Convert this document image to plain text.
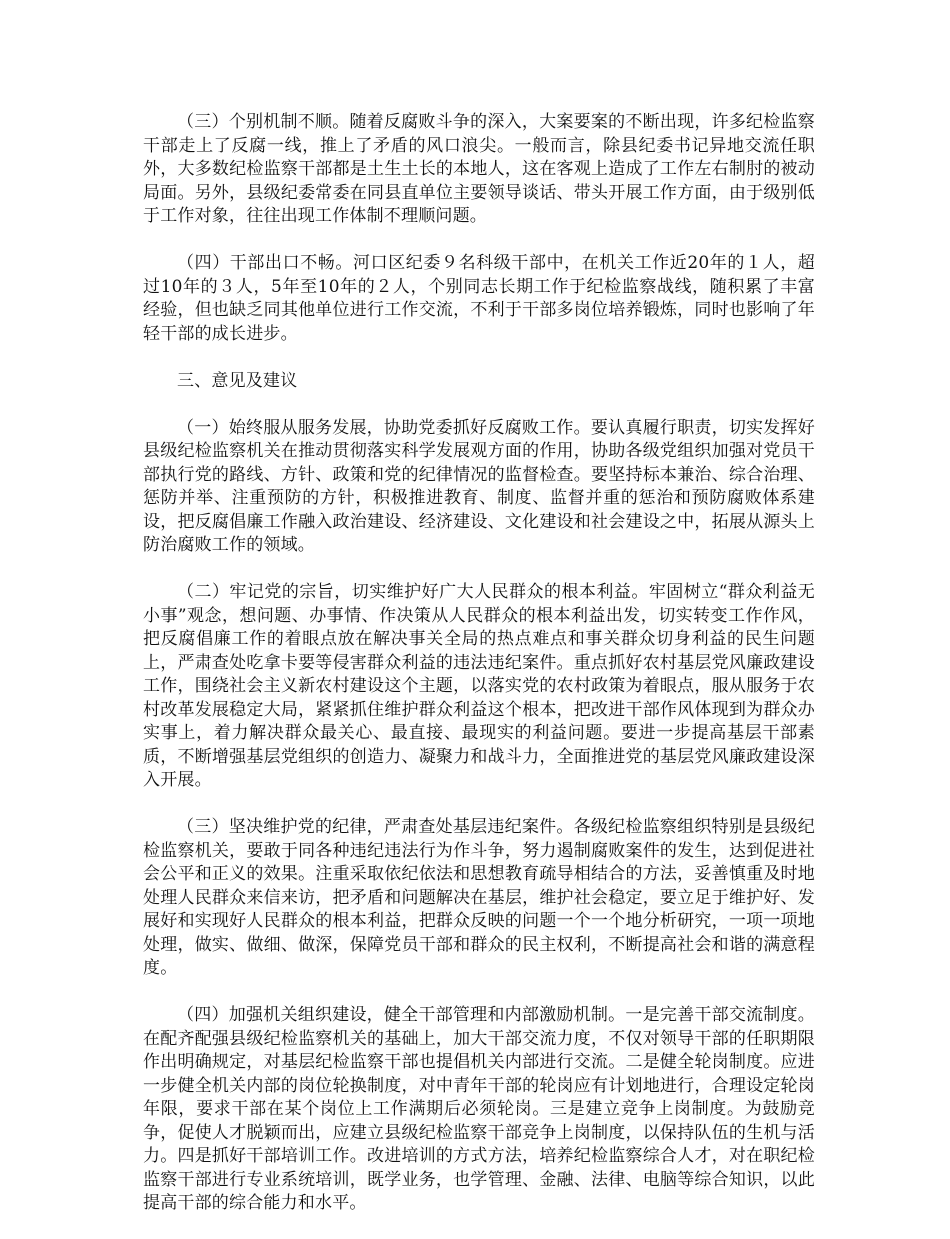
（三）个别机制不顺。随着反腐败斗争的深入，大案要案的不断出现，许多纪检监察干部走上了反腐一线，推上了矛盾的风口浪尖。一般而言，除县纪委书记异地交流任职外，大多数纪检监察干部都是土生土长的本地人，这在客观上造成了工作左右制肘的被动局面。另外，县级纪委常委在同县直单位主要领导谈话、带头开展工作方面，由于级别低于工作对象，往往出现工作体制不理顺问题。

（四）干部出口不畅。河口区纪委９名科级干部中，在机关工作近20年的１人，超过10年的３人，5年至10年的２人，个别同志长期工作于纪检监察战线，随积累了丰富经验，但也缺乏同其他单位进行工作交流，不利于干部多岗位培养锻炼，同时也影响了年轻干部的成长进步。

三、意见及建议

（一）始终服从服务发展，协助党委抓好反腐败工作。要认真履行职责，切实发挥好县级纪检监察机关在推动贯彻落实科学发展观方面的作用，协助各级党组织加强对党员干部执行党的路线、方针、政策和党的纪律情况的监督检查。要坚持标本兼治、综合治理、惩防并举、注重预防的方针，积极推进教育、制度、监督并重的惩治和预防腐败体系建设，把反腐倡廉工作融入政治建设、经济建设、文化建设和社会建设之中，拓展从源头上防治腐败工作的领域。

（二）牢记党的宗旨，切实维护好广大人民群众的根本利益。牢固树立“群众利益无小事”观念，想问题、办事情、作决策从人民群众的根本利益出发，切实转变工作作风，把反腐倡廉工作的着眼点放在解决事关全局的热点难点和事关群众切身利益的民生问题上，严肃查处吃拿卡要等侵害群众利益的违法违纪案件。重点抓好农村基层党风廉政建设工作，围绕社会主义新农村建设这个主题，以落实党的农村政策为着眼点，服从服务于农村改革发展稳定大局，紧紧抓住维护群众利益这个根本，把改进干部作风体现到为群众办实事上，着力解决群众最关心、最直接、最现实的利益问题。要进一步提高基层干部素质，不断增强基层党组织的创造力、凝聚力和战斗力，全面推进党的基层党风廉政建设深入开展。

（三）坚决维护党的纪律，严肃查处基层违纪案件。各级纪检监察组织特别是县级纪检监察机关，要敢于同各种违纪违法行为作斗争，努力遏制腐败案件的发生，达到促进社会公平和正义的效果。注重采取依纪依法和思想教育疏导相结合的方法，妥善慎重及时地处理人民群众来信来访，把矛盾和问题解决在基层，维护社会稳定，要立足于维护好、发展好和实现好人民群众的根本利益，把群众反映的问题一个一个地分析研究，一项一项地处理，做实、做细、做深，保障党员干部和群众的民主权利，不断提高社会和谐的满意程度。

（四）加强机关组织建设，健全干部管理和内部激励机制。一是完善干部交流制度。在配齐配强县级纪检监察机关的基础上，加大干部交流力度，不仅对领导干部的任职期限作出明确规定，对基层纪检监察干部也提倡机关内部进行交流。二是健全轮岗制度。应进一步健全机关内部的岗位轮换制度，对中青年干部的轮岗应有计划地进行，合理设定轮岗年限，要求干部在某个岗位上工作满期后必须轮岗。三是建立竞争上岗制度。为鼓励竞争，促使人才脱颖而出，应建立县级纪检监察干部竞争上岗制度，以保持队伍的生机与活力。四是抓好干部培训工作。改进培训的方式方法，培养纪检监察综合人才，对在职纪检监察干部进行专业系统培训，既学业务，也学管理、金融、法律、电脑等综合知识，以此提高干部的综合能力和水平。
